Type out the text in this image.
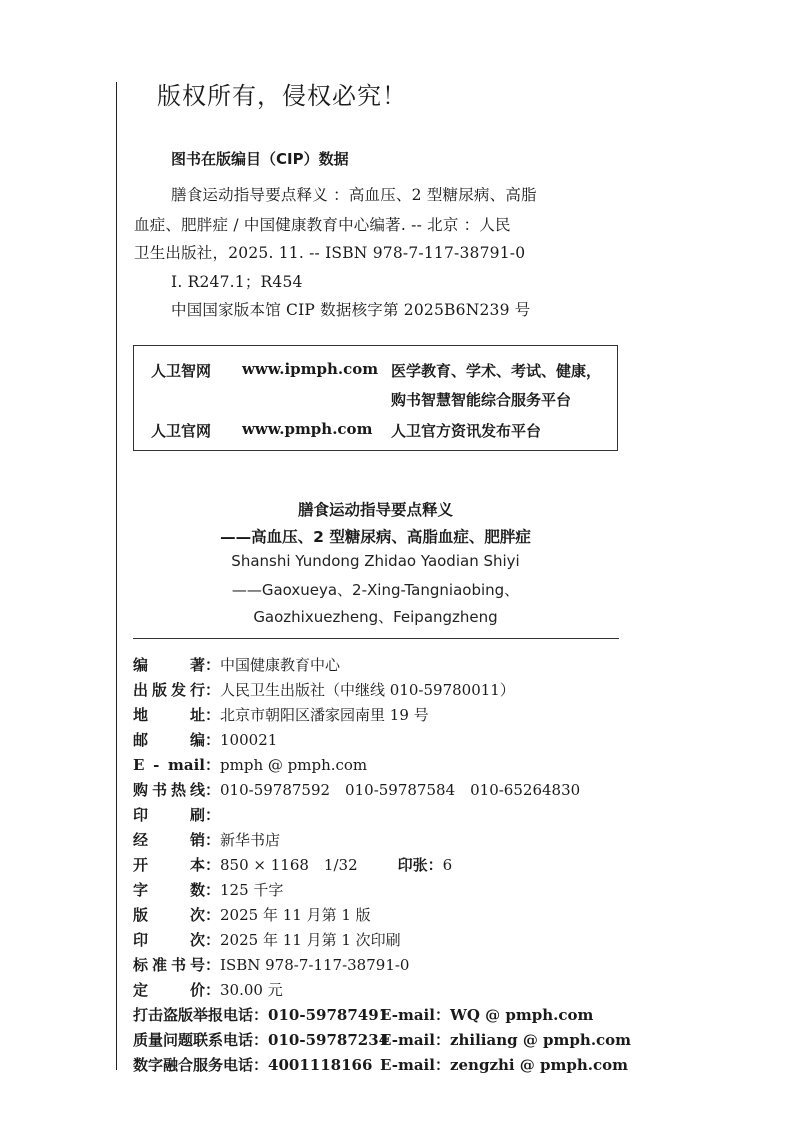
版权所有，侵权必究！
图书在版编目（CIP）数据
膳食运动指导要点释义 ：高血压、2 型糖尿病、高脂
血症、肥胖症 / 中国健康教育中心编著. -- 北京 ：人民
卫生出版社，2025. 11. -- ISBN 978-7-117-38791-0
Ⅰ. R247.1；R454
中国国家版本馆 CIP 数据核字第 2025B6N239 号
人卫智网 www.ipmph.com 医学教育、学术、考试、健康，
购书智慧智能综合服务平台
人卫官网 www.pmph.com 人卫官方资讯发布平台
膳食运动指导要点释义
——高血压、2 型糖尿病、高脂血症、肥胖症
Shanshi Yundong Zhidao Yaodian Shiyi
——Gaoxueya、2-Xing-Tangniaobing、
Gaozhixuezheng、Feipangzheng
编著：中国健康教育中心
出版发行：人民卫生出版社（中继线 010-59780011）
地址：北京市朝阳区潘家园南里 19 号
邮编：100021
E - mail：pmph @ pmph.com
购书热线：010-59787592　010-59787584　010-65264830
印刷：
经销：新华书店
开本：850 × 1168　1/32	印张：6
字数：125 千字
版次：2025 年 11 月第 1 版
印次：2025 年 11 月第 1 次印刷
标准书号：ISBN 978-7-117-38791-0
定价：30.00 元
打击盗版举报电话：010-59787491E-mail：WQ @ pmph.com
质量问题联系电话：010-59787234E-mail：zhiliang @ pmph.com
数字融合服务电话：4001118166 E-mail：zengzhi @ pmph.com
